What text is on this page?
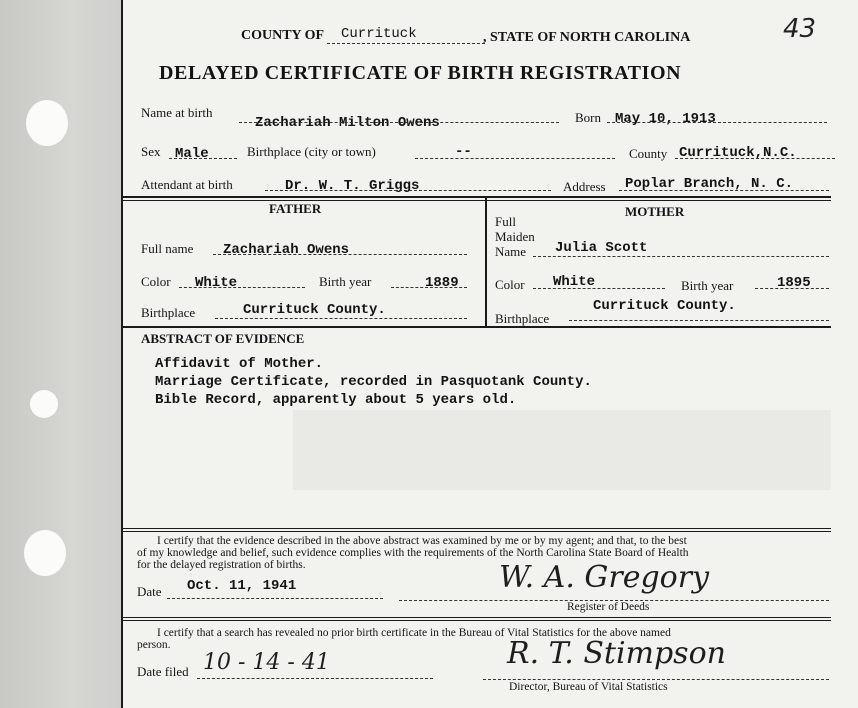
COUNTY OF Currituck	, STATE OF NORTH CAROLINA	43
DELAYED CERTIFICATE OF BIRTH REGISTRATION
Name at birth
Zachariah Milton Owens	Born May 10, 1913
Sex Male	Birthplace (city or town)	--	County Currituck,N.C.
Attendant at birth	Dr. W. T. Griggs	Address Poplar Branch, N. C.
FATHER	MOTHER
Full name Zachariah Owens
Full
Maiden
Name Julia Scott
Color White	Birth year	1889	Color White	Birth year	1895
Birthplace	Currituck County.
Birthplace
Currituck County.
ABSTRACT OF EVIDENCE
Affidavit of Mother.
Marriage Certificate, recorded in Pasquotank County.
Bible Record, apparently about 5 years old.
I certify that the evidence described in the above abstract was examined by me or by my agent; and that, to the best
of my knowledge and belief, such evidence complies with the requirements of the North Carolina State Board of Health
for the delayed registration of births.
Date Oct. 11, 1941	W. A. Gregory
Register of Deeds
I certify that a search has revealed no prior birth certificate in the Bureau of Vital Statistics for the above named
person.
Date filed 10 - 14 - 41	R. T. Stimpson
Director, Bureau of Vital Statistics
